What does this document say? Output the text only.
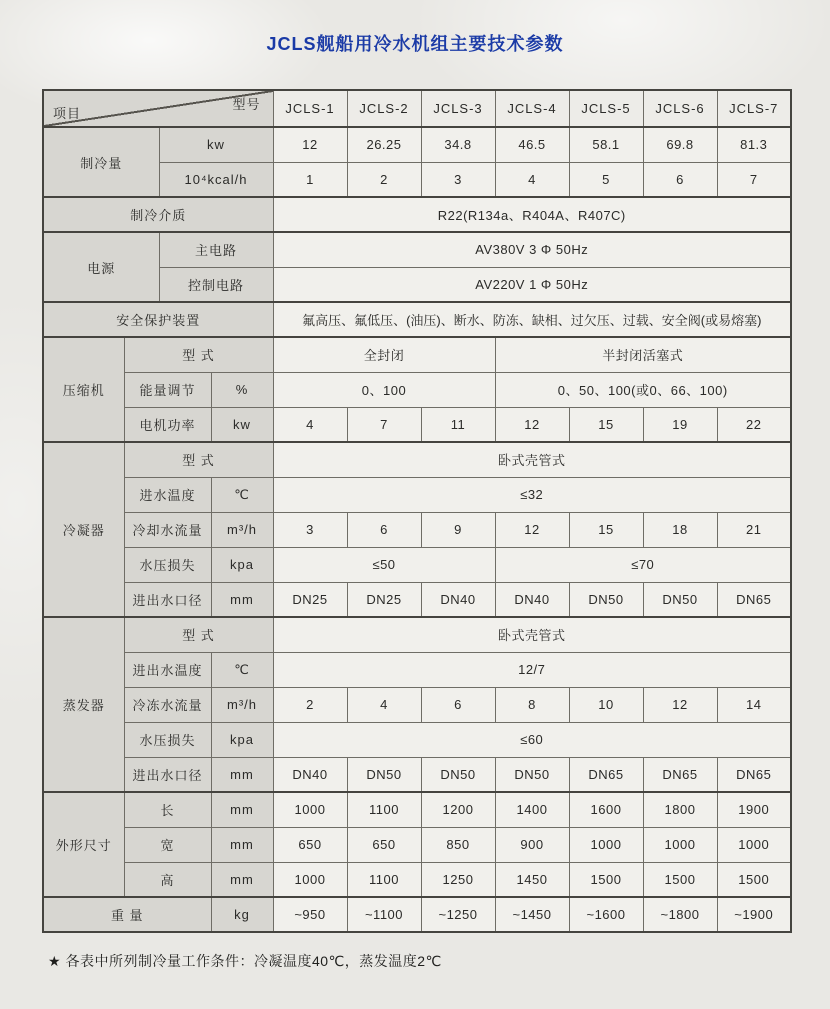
JCLS舰船用冷水机组主要技术参数
型号
项目				JCLS-1	JCLS-2	JCLS-3	JCLS-4	JCLS-5	JCLS-6	JCLS-7
制冷量		kw		12	26.25	34.8	46.5	58.1	69.8	81.3
		10⁴kcal/h		1	2	3	4	5	6	7
制冷介质				R22(R134a、R404A、R407C)						
电源		主电路		AV380V 3 Φ 50Hz						
		控制电路		AV220V 1 Φ 50Hz						
安全保护装置				氟高压、氟低压、(油压)、断水、防冻、缺相、过欠压、过载、安全阀(或易熔塞)						
压缩机	型 式			全封闭			半封闭活塞式			
	能量调节		%	0、100			0、50、100(或0、66、100)			
	电机功率		kw	4	7	11	12	15	19	22
冷凝器	型 式			卧式壳管式						
	进水温度		℃	≤32						
	冷却水流量		m³/h	3	6	9	12	15	18	21
	水压损失		kpa	≤50			≤70			
	进出水口径		mm	DN25	DN25	DN40	DN40	DN50	DN50	DN65
蒸发器	型 式			卧式壳管式						
	进出水温度		℃	12/7						
	冷冻水流量		m³/h	2	4	6	8	10	12	14
	水压损失		kpa	≤60						
	进出水口径		mm	DN40	DN50	DN50	DN50	DN65	DN65	DN65
外形尺寸	长		mm	1000	1100	1200	1400	1600	1800	1900
	宽		mm	650	650	850	900	1000	1000	1000
	高		mm	1000	1100	1250	1450	1500	1500	1500
重 量			kg	~950	~1100	~1250	~1450	~1600	~1800	~1900
★ 各表中所列制冷量工作条件：冷凝温度40℃，蒸发温度2℃
